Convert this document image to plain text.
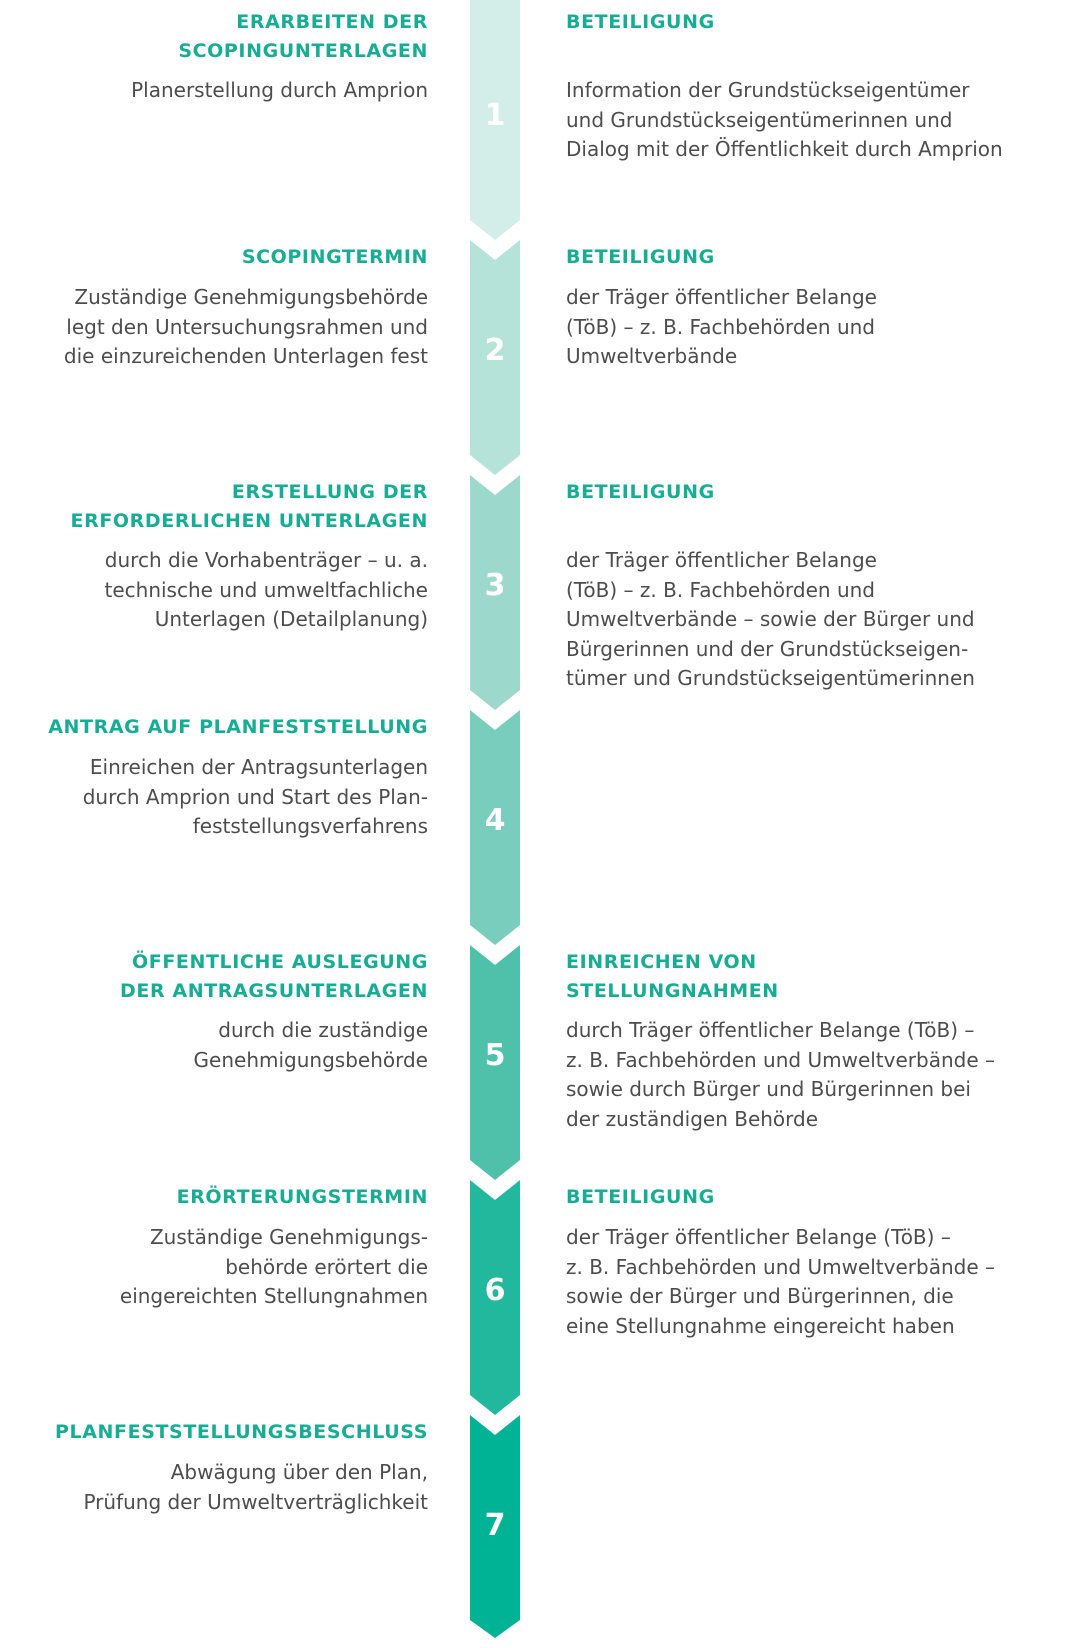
ERARBEITEN DER
SCOPINGUNTERLAGEN

Planerstellung durch Amprion

BETEILIGUNG

Information der Grundstückseigentümer
und Grundstückseigentümerinnen und
Dialog mit der Öffentlichkeit durch Amprion

1

SCOPINGTERMIN

Zuständige Genehmigungsbehörde
legt den Untersuchungsrahmen und
die einzureichenden Unterlagen fest

BETEILIGUNG

der Träger öffentlicher Belange
(TöB) – z. B. Fachbehörden und
Umweltverbände

2

ERSTELLUNG DER
ERFORDERLICHEN UNTERLAGEN

durch die Vorhabenträger – u. a.
technische und umweltfachliche
Unterlagen (Detailplanung)

BETEILIGUNG

der Träger öffentlicher Belange
(TöB) – z. B. Fachbehörden und
Umweltverbände – sowie der Bürger und
Bürgerinnen und der Grundstückseigen-
tümer und Grundstückseigentümerinnen

3

ANTRAG AUF PLANFESTSTELLUNG

Einreichen der Antragsunterlagen
durch Amprion und Start des Plan-
feststellungsverfahrens	4

ÖFFENTLICHE AUSLEGUNG
DER ANTRAGSUNTERLAGEN

durch die zuständige
Genehmigungsbehörde

EINREICHEN VON
STELLUNGNAHMEN

durch Träger öffentlicher Belange (TöB) –
z. B. Fachbehörden und Umweltverbände –
sowie durch Bürger und Bürgerinnen bei
der zuständigen Behörde

5

ERÖRTERUNGSTERMIN

Zuständige Genehmigungs-
behörde erörtert die
eingereichten Stellungnahmen

BETEILIGUNG

der Träger öffentlicher Belange (TöB) –
z. B. Fachbehörden und Umweltverbände –
sowie der Bürger und Bürgerinnen, die
eine Stellungnahme eingereicht haben

6

PLANFESTSTELLUNGSBESCHLUSS

Abwägung über den Plan,
Prüfung der Umweltverträglichkeit

7
